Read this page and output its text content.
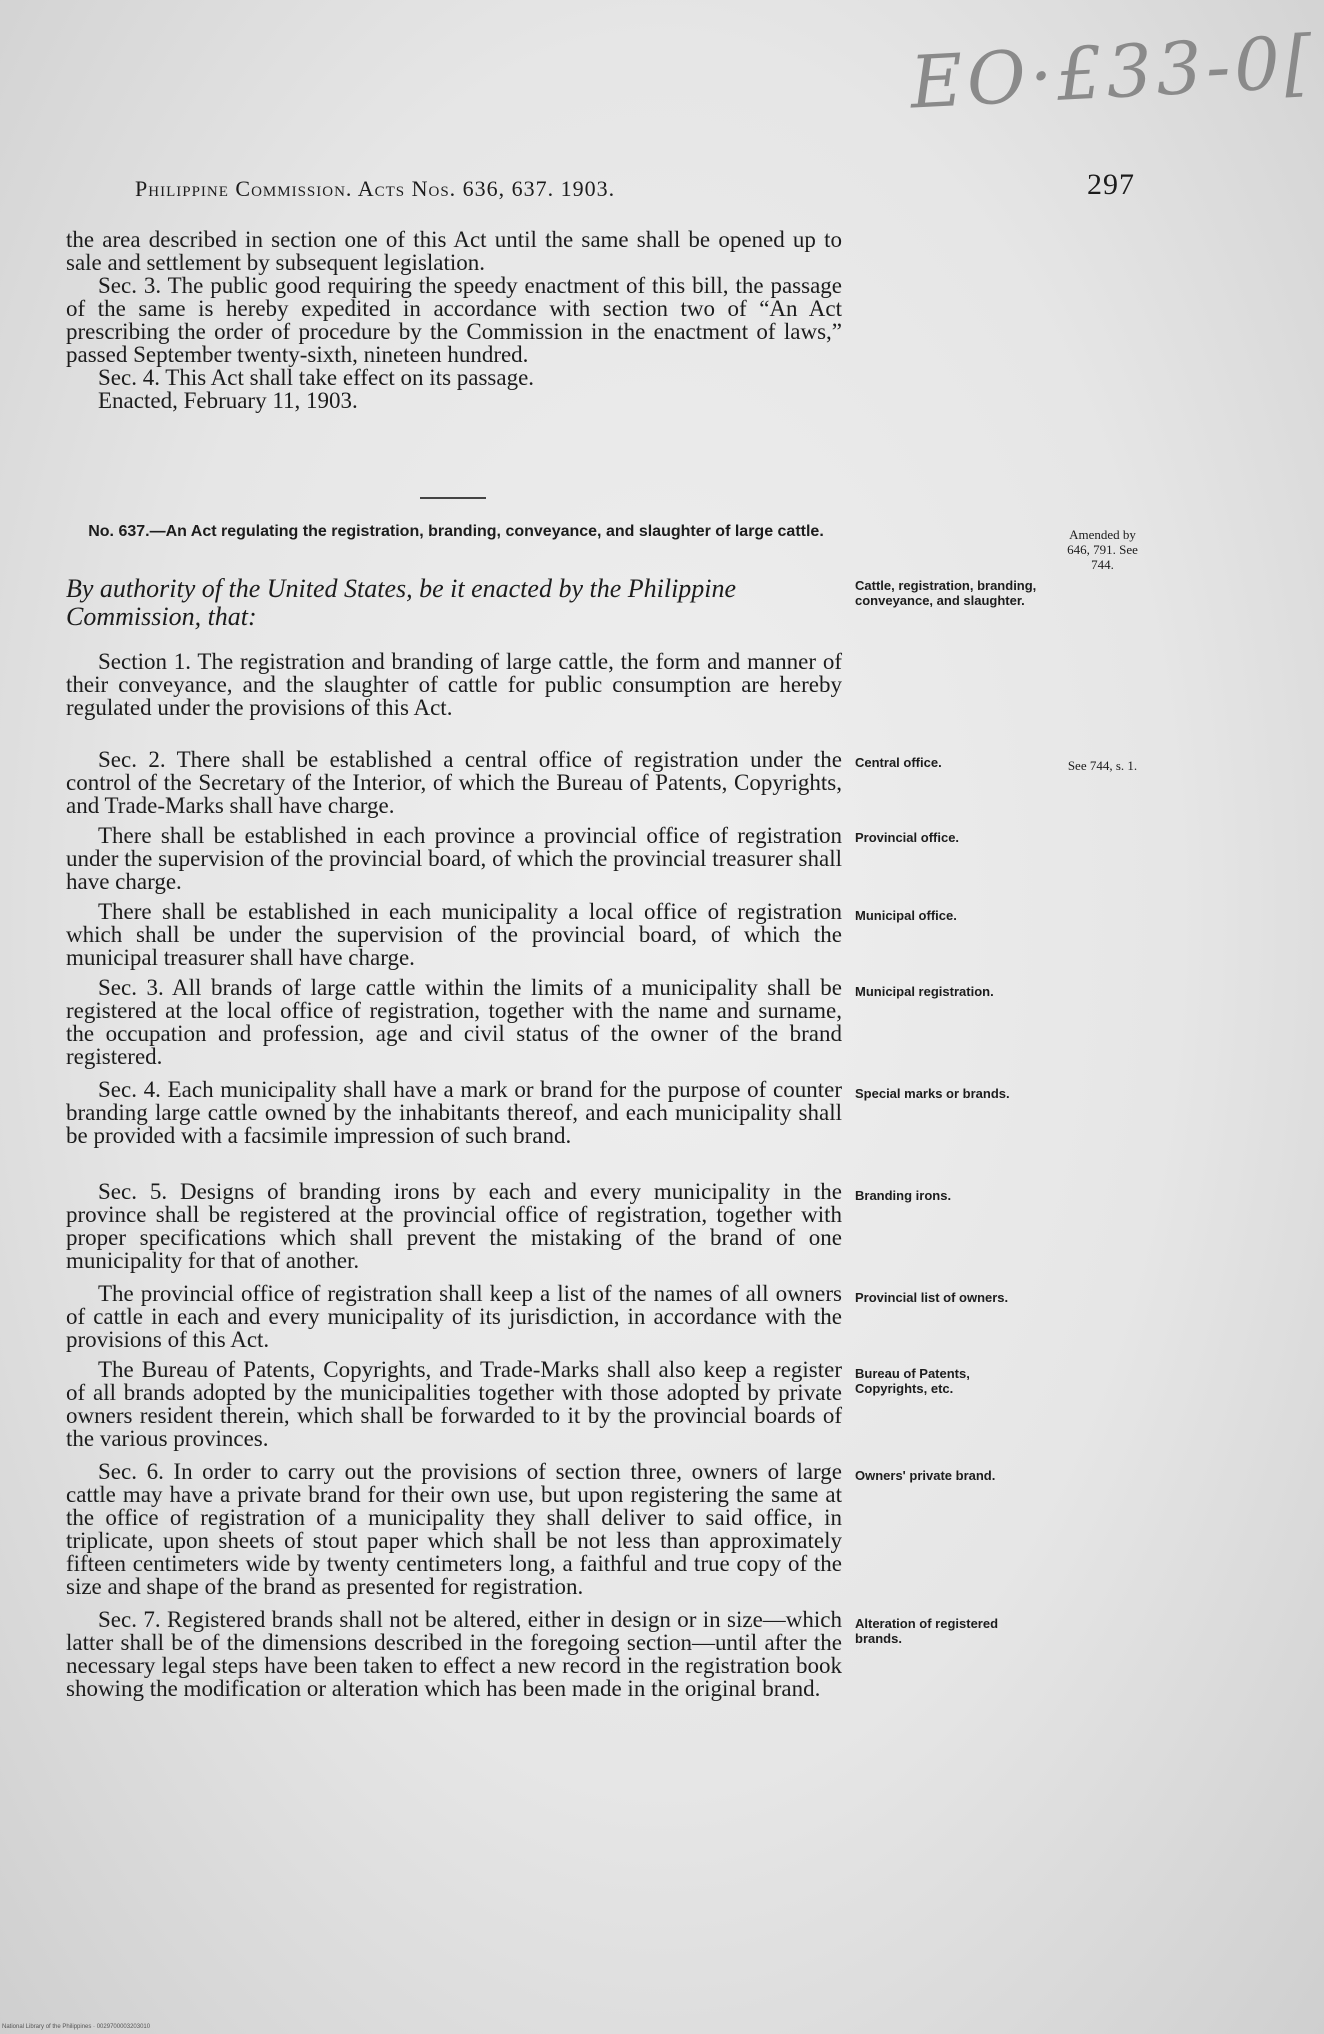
EO·£33-0[
Philippine Commission. Acts Nos. 636, 637. 1903.	297

the area described in section one of this Act until the same shall be opened up to sale and settlement by subsequent legislation.

Sec. 3. The public good requiring the speedy enactment of this bill, the passage of the same is hereby expedited in accordance with section two of “An Act prescribing the order of procedure by the Commission in the enactment of laws,” passed September twenty-sixth, nineteen hundred.

Sec. 4. This Act shall take effect on its passage.

Enacted, February 11, 1903.

No. 637.—An Act regulating the registration, branding, conveyance, and slaughter of large cattle.
By authority of the United States, be it enacted by the Philippine Commission, that:

Section 1. The registration and branding of large cattle, the form and manner of their conveyance, and the slaughter of cattle for public consumption are hereby regulated under the provisions of this Act.

Sec. 2. There shall be established a central office of registration under the control of the Secretary of the Interior, of which the Bureau of Patents, Copyrights, and Trade-Marks shall have charge.

There shall be established in each province a provincial office of registration under the supervision of the provincial board, of which the provincial treasurer shall have charge.

There shall be established in each municipality a local office of registration which shall be under the supervision of the provincial board, of which the municipal treasurer shall have charge.

Sec. 3. All brands of large cattle within the limits of a municipality shall be registered at the local office of registration, together with the name and surname, the occupation and profession, age and civil status of the owner of the brand registered.

Sec. 4. Each municipality shall have a mark or brand for the purpose of counter branding large cattle owned by the inhabitants thereof, and each municipality shall be provided with a facsimile impression of such brand.

Sec. 5. Designs of branding irons by each and every municipality in the province shall be registered at the provincial office of registration, together with proper specifications which shall prevent the mistaking of the brand of one municipality for that of another.

The provincial office of registration shall keep a list of the names of all owners of cattle in each and every municipality of its jurisdiction, in accordance with the provisions of this Act.

The Bureau of Patents, Copyrights, and Trade-Marks shall also keep a register of all brands adopted by the municipalities together with those adopted by private owners resident therein, which shall be forwarded to it by the provincial boards of the various provinces.

Sec. 6. In order to carry out the provisions of section three, owners of large cattle may have a private brand for their own use, but upon registering the same at the office of registration of a municipality they shall deliver to said office, in triplicate, upon sheets of stout paper which shall be not less than approximately fifteen centimeters wide by twenty centimeters long, a faithful and true copy of the size and shape of the brand as presented for registration.

Sec. 7. Registered brands shall not be altered, either in design or in size—which latter shall be of the dimensions described in the foregoing section—until after the necessary legal steps have been taken to effect a new record in the registration book showing the modification or alteration which has been made in the original brand.

Cattle, registration, branding, conveyance, and slaughter.
Central office.
Provincial office.
Municipal office.
Municipal registration.
Special marks or brands.
Branding irons.
Provincial list of owners.
Bureau of Patents, Copyrights, etc.
Owners' private brand.
Alteration of registered brands.
Amended by 646, 791. See 744.
See 744, s. 1.
National Library of the Philippines · 0029700003203010
